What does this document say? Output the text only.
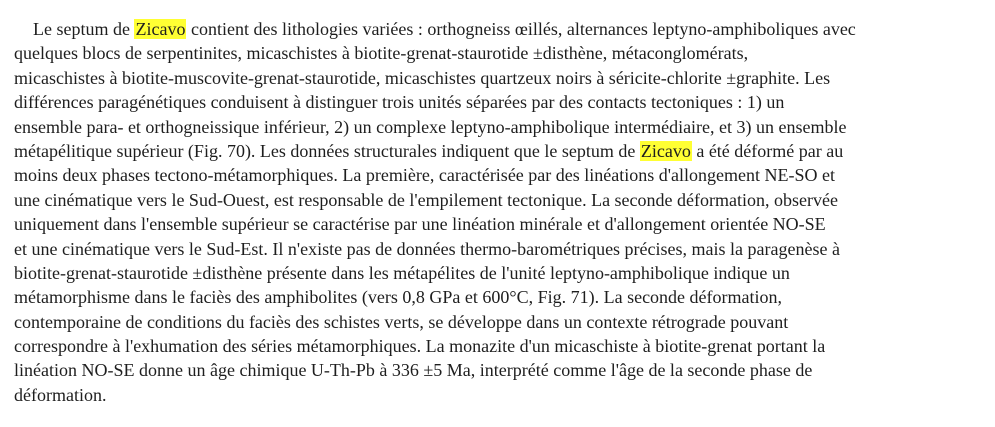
Le septum de Zicavo contient des lithologies variées : orthogneiss œillés, alternances leptyno-amphiboliques avec
quelques blocs de serpentinites, micaschistes à biotite-grenat-staurotide ±disthène, métaconglomérats,
micaschistes à biotite-muscovite-grenat-staurotide, micaschistes quartzeux noirs à séricite-chlorite ±graphite. Les
différences paragénétiques conduisent à distinguer trois unités séparées par des contacts tectoniques : 1) un
ensemble para- et orthogneissique inférieur, 2) un complexe leptyno-amphibolique intermédiaire, et 3) un ensemble
métapélitique supérieur (Fig. 70). Les données structurales indiquent que le septum de Zicavo a été déformé par au
moins deux phases tectono-métamorphiques. La première, caractérisée par des linéations d'allongement NE-SO et
une cinématique vers le Sud-Ouest, est responsable de l'empilement tectonique. La seconde déformation, observée
uniquement dans l'ensemble supérieur se caractérise par une linéation minérale et d'allongement orientée NO-SE
et une cinématique vers le Sud-Est. Il n'existe pas de données thermo-barométriques précises, mais la paragenèse à
biotite-grenat-staurotide ±disthène présente dans les métapélites de l'unité leptyno-amphibolique indique un
métamorphisme dans le faciès des amphibolites (vers 0,8 GPa et 600°C, Fig. 71). La seconde déformation,
contemporaine de conditions du faciès des schistes verts, se développe dans un contexte rétrograde pouvant
correspondre à l'exhumation des séries métamorphiques. La monazite d'un micaschiste à biotite-grenat portant la
linéation NO-SE donne un âge chimique U-Th-Pb à 336 ±5 Ma, interprété comme l'âge de la seconde phase de
déformation.
